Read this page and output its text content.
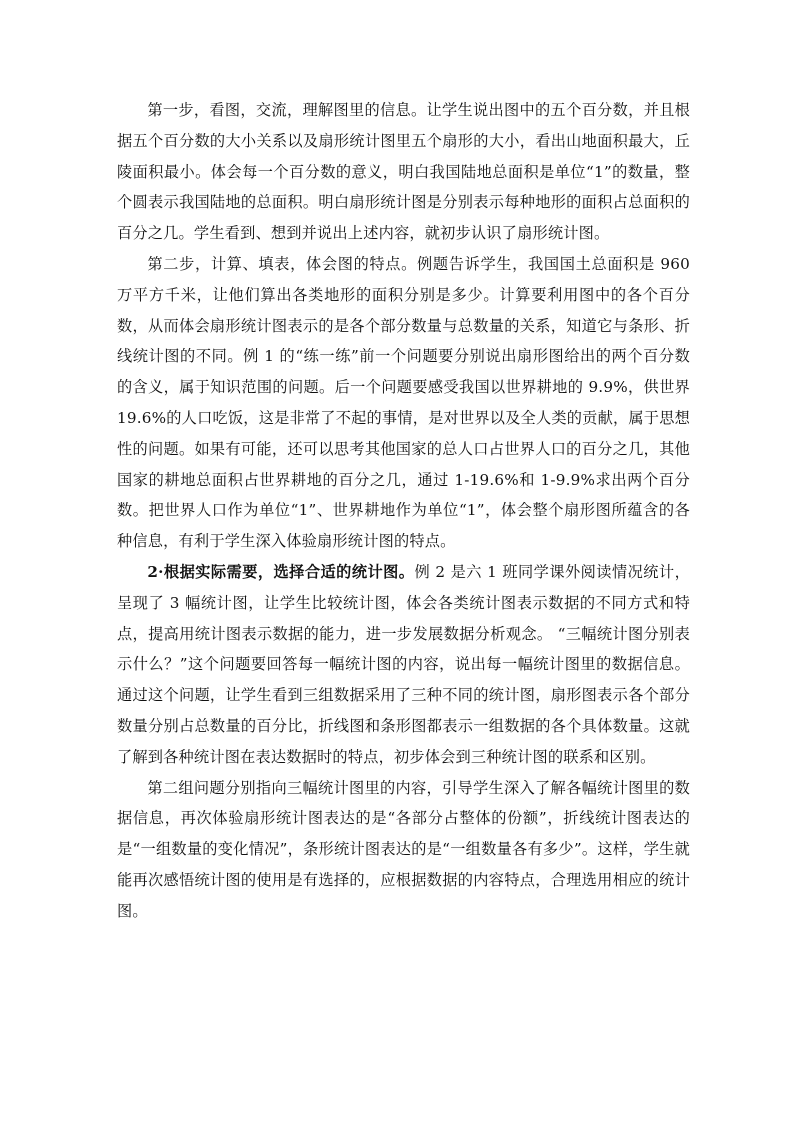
第一步，看图，交流，理解图里的信息。让学生说出图中的五个百分数，并且根据五个百分数的大小关系以及扇形统计图里五个扇形的大小，看出山地面积最大，丘陵面积最小。体会每一个百分数的意义，明白我国陆地总面积是单位“1”的数量，整个圆表示我国陆地的总面积。明白扇形统计图是分别表示每种地形的面积占总面积的百分之几。学生看到、想到并说出上述内容，就初步认识了扇形统计图。

第二步，计算、填表，体会图的特点。例题告诉学生，我国国土总面积是 960 万平方千米，让他们算出各类地形的面积分别是多少。计算要利用图中的各个百分数，从而体会扇形统计图表示的是各个部分数量与总数量的关系，知道它与条形、折线统计图的不同。例 1 的“练一练”前一个问题要分别说出扇形图给出的两个百分数的含义，属于知识范围的问题。后一个问题要感受我国以世界耕地的 9.9%，供世界 19.6%的人口吃饭，这是非常了不起的事情，是对世界以及全人类的贡献，属于思想性的问题。如果有可能，还可以思考其他国家的总人口占世界人口的百分之几，其他国家的耕地总面积占世界耕地的百分之几，通过 1-19.6%和 1-9.9%求出两个百分数。把世界人口作为单位“1”、世界耕地作为单位“1”，体会整个扇形图所蕴含的各种信息，有利于学生深入体验扇形统计图的特点。

2·根据实际需要，选择合适的统计图。例 2 是六 1 班同学课外阅读情况统计，呈现了 3 幅统计图，让学生比较统计图，体会各类统计图表示数据的不同方式和特点，提高用统计图表示数据的能力，进一步发展数据分析观念。 “三幅统计图分别表示什么？”这个问题要回答每一幅统计图的内容，说出每一幅统计图里的数据信息。通过这个问题，让学生看到三组数据采用了三种不同的统计图，扇形图表示各个部分数量分别占总数量的百分比，折线图和条形图都表示一组数据的各个具体数量。这就了解到各种统计图在表达数据时的特点，初步体会到三种统计图的联系和区别。

第二组问题分别指向三幅统计图里的内容，引导学生深入了解各幅统计图里的数据信息，再次体验扇形统计图表达的是“各部分占整体的份额”，折线统计图表达的是“一组数量的变化情况”，条形统计图表达的是“一组数量各有多少”。这样，学生就能再次感悟统计图的使用是有选择的，应根据数据的内容特点，合理选用相应的统计图。
